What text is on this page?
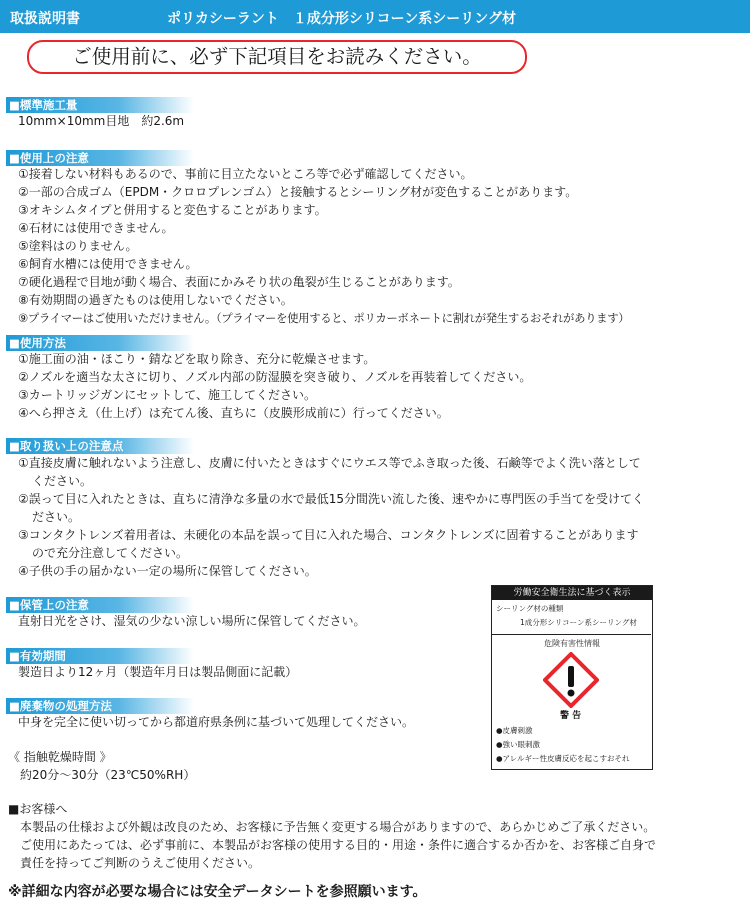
取扱説明書	ポリカシーラント　１成分形シリコーン系シーリング材
ご使用前に、必ず下記項目をお読みください。
■標準施工量
10mm×10mm目地　約2.6m
■使用上の注意
①接着しない材料もあるので、事前に目立たないところ等で必ず確認してください。
②一部の合成ゴム（EPDM・クロロプレンゴム）と接触するとシーリング材が変色することがあります。
③オキシムタイプと併用すると変色することがあります。
④石材には使用できません。
⑤塗料はのりません。
⑥飼育水槽には使用できません。
⑦硬化過程で目地が動く場合、表面にかみそり状の亀裂が生じることがあります。
⑧有効期間の過ぎたものは使用しないでください。
⑨プライマーはご使用いただけません。（プライマーを使用すると、ポリカーボネートに割れが発生するおそれがあります）
■使用方法
①施工面の油・ほこり・錆などを取り除き、充分に乾燥させます。
②ノズルを適当な太さに切り、ノズル内部の防湿膜を突き破り、ノズルを再装着してください。
③カートリッジガンにセットして、施工してください。
④へら押さえ（仕上げ）は充てん後、直ちに（皮膜形成前に）行ってください。
■取り扱い上の注意点
①直接皮膚に触れないよう注意し、皮膚に付いたときはすぐにウエス等でふき取った後、石鹸等でよく洗い落として
ください。
②誤って目に入れたときは、直ちに清浄な多量の水で最低15分間洗い流した後、速やかに専門医の手当てを受けてく
ださい。
③コンタクトレンズ着用者は、未硬化の本品を誤って目に入れた場合、コンタクトレンズに固着することがあります
ので充分注意してください。
④子供の手の届かない一定の場所に保管してください。
■保管上の注意
直射日光をさけ、湿気の少ない涼しい場所に保管してください。
■有効期間
製造日より12ヶ月（製造年月日は製品側面に記載）
■廃棄物の処理方法
中身を完全に使い切ってから都道府県条例に基づいて処理してください。
《 指触乾燥時間 》
約20分～30分（23℃50%RH）
■お客様へ
本製品の仕様および外観は改良のため、お客様に予告無く変更する場合がありますので、あらかじめご了承ください。
ご使用にあたっては、必ず事前に、本製品がお客様の使用する目的・用途・条件に適合するか否かを、お客様ご自身で
責任を持ってご判断のうえご使用ください。
労働安全衛生法に基づく表示
シーリング材の種類
1成分形シリコーン系シーリング材
危険有害性情報
警 告
●皮膚刺激
●強い眼刺激
●アレルギー性皮膚反応を起こすおそれ
※詳細な内容が必要な場合には安全データシートを参照願います。
